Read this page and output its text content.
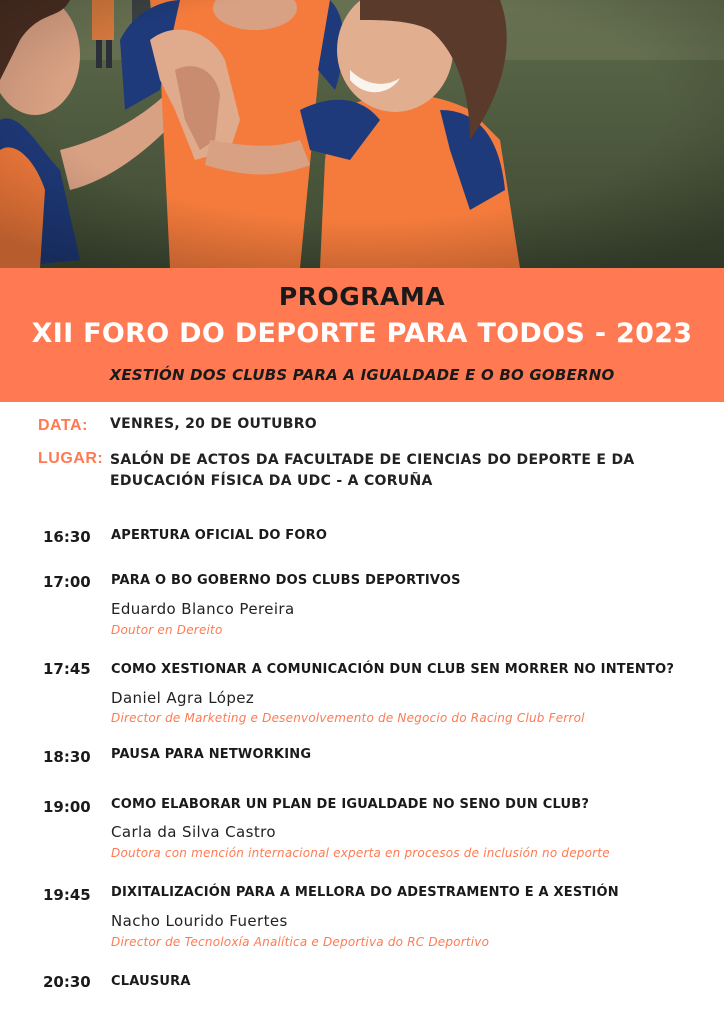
PROGRAMA
XII FORO DO DEPORTE PARA TODOS - 2023
XESTIÓN DOS CLUBS PARA A IGUALDADE E O BO GOBERNO
DATA: VENRES, 20 DE OUTUBRO
LUGAR: SALÓN DE ACTOS DA FACULTADE DE CIENCIAS DO DEPORTE E DA
EDUCACIÓN FÍSICA DA UDC - A CORUÑA
16:30 APERTURA OFICIAL DO FORO
17:00 PARA O BO GOBERNO DOS CLUBS DEPORTIVOS
Eduardo Blanco Pereira
Doutor en Dereito
17:45 COMO XESTIONAR A COMUNICACIÓN DUN CLUB SEN MORRER NO INTENTO?
Daniel Agra López
Director de Marketing e Desenvolvemento de Negocio do Racing Club Ferrol
18:30 PAUSA PARA NETWORKING
19:00 COMO ELABORAR UN PLAN DE IGUALDADE NO SENO DUN CLUB?
Carla da Silva Castro
Doutora con mención internacional experta en procesos de inclusión no deporte
19:45 DIXITALIZACIÓN PARA A MELLORA DO ADESTRAMENTO E A XESTIÓN
Nacho Lourido Fuertes
Director de Tecnoloxía Analítica e Deportiva do RC Deportivo
20:30 CLAUSURA
